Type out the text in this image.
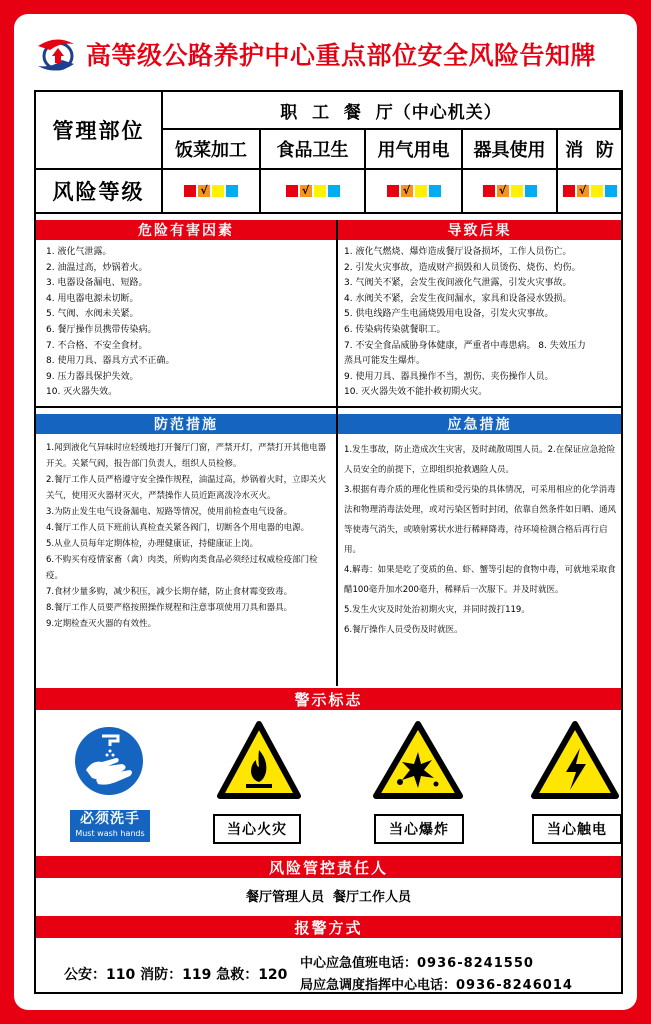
高等级公路养护中心重点部位安全风险告知牌
管理部位
职  工  餐  厅（中心机关）
饭菜加工	食品卫生	用气用电	器具使用	消  防
风险等级	√	√	√	√	√
危险有害因素	导致后果
1. 液化气泄露。
2. 油温过高，炒锅着火。
3. 电器设备漏电、短路。
4. 用电器电源未切断。
5. 气阀、水阀未关紧。
6. 餐厅操作员携带传染病。
7. 不合格、不安全食材。
8. 使用刀具、器具方式不正确。
9. 压力器具保护失效。
10. 灭火器失效。
1. 液化气燃烧、爆炸造成餐厅设备损坏，工作人员伤亡。
2. 引发火灾事故，造成财产损毁和人员烫伤、烧伤、灼伤。
3. 气阀关不紧，会发生夜间液化气泄露，引发火灾事故。
4. 水阀关不紧，会发生夜间漏水，家具和设备浸水毁损。
5. 供电线路产生电涌烧毁用电设备，引发火灾事故。
6. 传染病传染就餐职工。
7. 不安全食品威胁身体健康，严重者中毒患病。 8. 失效压力
蒸具可能发生爆炸。
9. 使用刀具、器具操作不当，割伤、夹伤操作人员。
10. 灭火器失效不能扑救初期火灾。
防范措施	应急措施
1.闻到液化气异味时应轻缓地打开餐厅门窗，严禁开灯，严禁打开其他电器开关。关紧气阀，报告部门负责人，组织人员检修。
2.餐厅工作人员严格遵守安全操作规程，油温过高，炒锅着火时，立即关火关气，使用灭火器材灭火，严禁操作人员近距离泼冷水灭火。
3.为防止发生电气设备漏电、短路等情况，使用前检查电气设备。
4.餐厅工作人员下班前认真检查关紧各阀门，切断各个用电器的电源。
5.从业人员每年定期体检，办理健康证，持健康证上岗。
6.不购买有疫情家畜（禽）肉类，所购肉类食品必须经过权威检疫部门检疫。
7.食材少量多购，减少积压，减少长期存储，防止食材霉变致毒。
8.餐厅工作人员要严格按照操作规程和注意事项使用刀具和器具。
9.定期检查灭火器的有效性。
1.发生事故，防止造成次生灾害，及时疏散周围人员。2.在保证应急抢险人员安全的前提下，立即组织抢救遇险人员。
3.根据有毒介质的理化性质和受污染的具体情况，可采用相应的化学消毒法和物理消毒法处理，或对污染区暂时封闭，依靠自然条件如日晒、通风等使毒气消失，或喷射雾状水进行稀释降毒，待环境检测合格后再行启用。
4.解毒：如果是吃了变质的鱼、虾、蟹等引起的食物中毒，可就地采取食醋100毫升加水200毫升，稀释后一次服下。并及时就医。
5.发生火灾及时处治初期火灾，并同时拨打119。
6.餐厅操作人员受伤及时就医。
警示标志
必须洗手
Must wash hands	当心火灾	当心爆炸	当心触电
风险管控责任人
餐厅管理人员  餐厅工作人员
报警方式
公安：110 消防：119 急救：120
中心应急值班电话：0936-8241550
局应急调度指挥中心电话：0936-8246014
